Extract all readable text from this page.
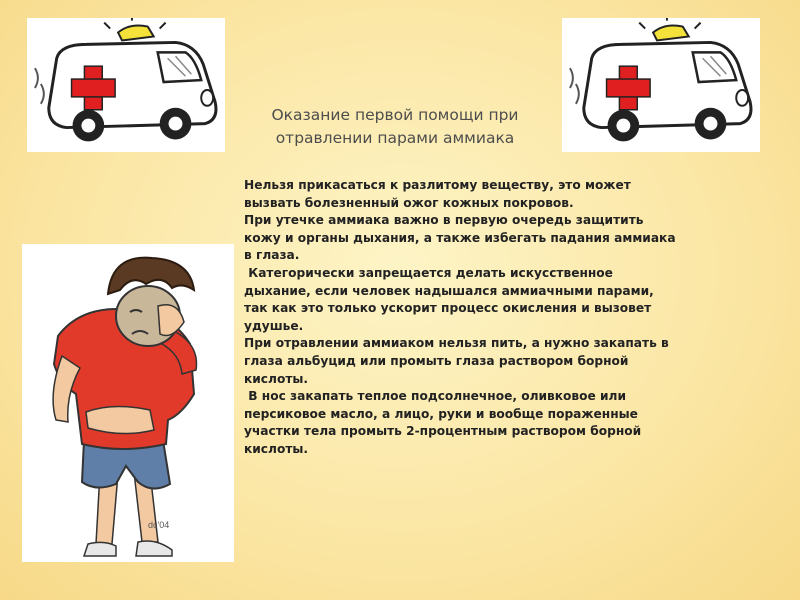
Оказание первой помощи при
отравлении парами аммиака
dc'04

Нельзя прикасаться к разлитому веществу, это может
вызвать болезненный ожог кожных покровов.

При утечке аммиака важно в первую очередь защитить
кожу и органы дыхания, а также избегать падания аммиака
в глаза.

Категорически запрещается делать искусственное
дыхание, если человек надышался аммиачными парами,
так как это только ускорит процесс окисления и вызовет
удушье.

При отравлении аммиаком нельзя пить, а нужно закапать в
глаза альбуцид или промыть глаза раствором борной
кислоты.

В нос закапать теплое подсолнечное, оливковое или
персиковое масло, а лицо, руки и вообще пораженные
участки тела промыть 2-процентным раствором борной
кислоты.
